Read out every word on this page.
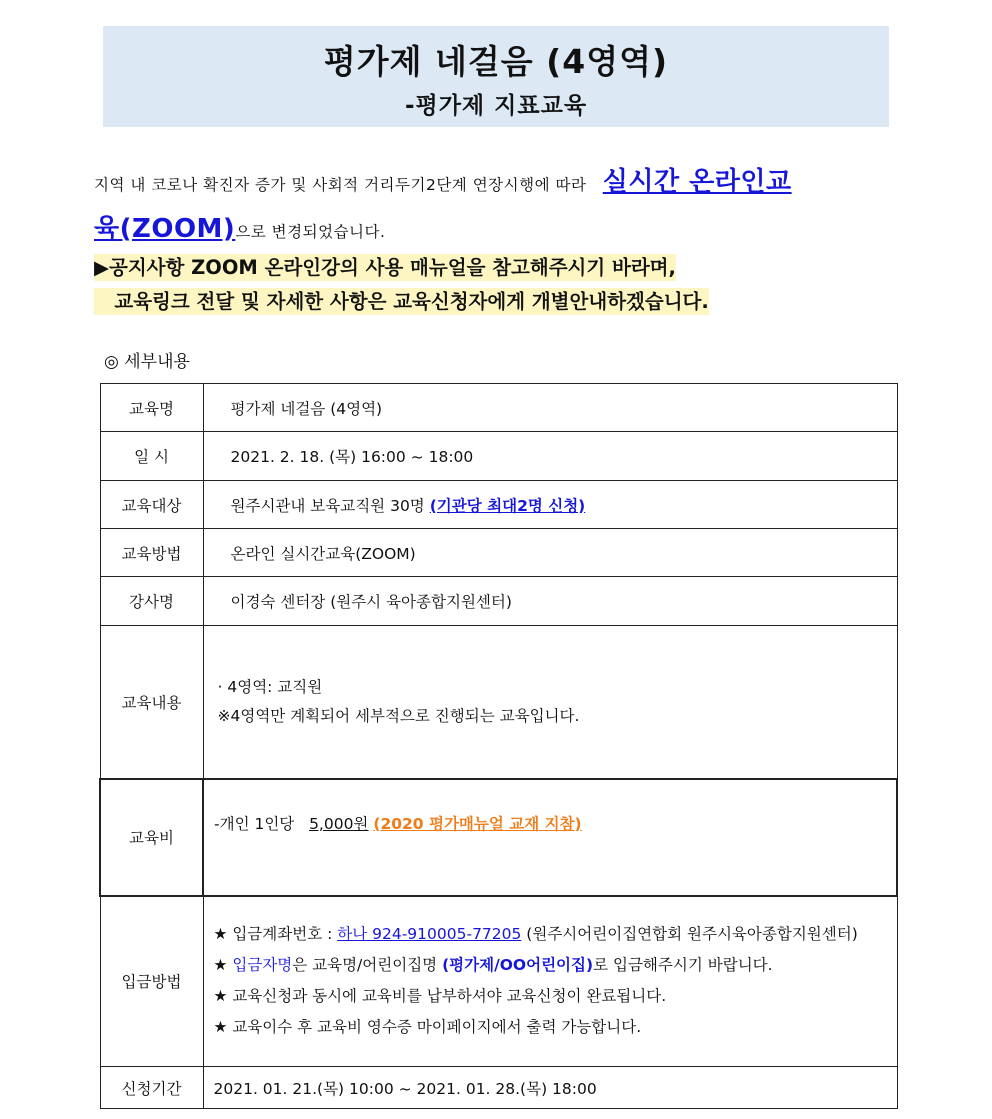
평가제 네걸음 (4영역)
-평가제 지표교육
지역 내 코로나 확진자 증가 및 사회적 거리두기2단계 연장시행에 따라 실시간 온라인교
육(ZOOM)으로 변경되었습니다.
▶공지사항 ZOOM 온라인강의 사용 매뉴얼을 참고해주시기 바라며,
교육링크 전달 및 자세한 사항은 교육신청자에게 개별안내하겠습니다.
◎ 세부내용
교육명	평가제 네걸음 (4영역)
일 시	2021. 2. 18. (목) 16:00 ~ 18:00
교육대상	원주시관내 보육교직원 30명 (기관당 최대2명 신청)
교육방법	온라인 실시간교육(ZOOM)
강사명	이경숙 센터장 (원주시 육아종합지원센터)
교육내용	· 4영역: 교직원
※4영역만 계획되어 세부적으로 진행되는 교육입니다.

교육비	-개인 1인당 5,000원 (2020 평가매뉴얼 교재 지참)
입금방법	★ 입금계좌번호 : 하나 924-910005-77205 (원주시어린이집연합회 원주시육아종합지원센터)
★ 입금자명은 교육명/어린이집명 (평가제/OO어린이집)로 입금해주시기 바랍니다.
★ 교육신청과 동시에 교육비를 납부하셔야 교육신청이 완료됩니다.
★ 교육이수 후 교육비 영수증 마이페이지에서 출력 가능합니다.

신청기간	2021. 01. 21.(목) 10:00 ~ 2021. 01. 28.(목) 18:00
